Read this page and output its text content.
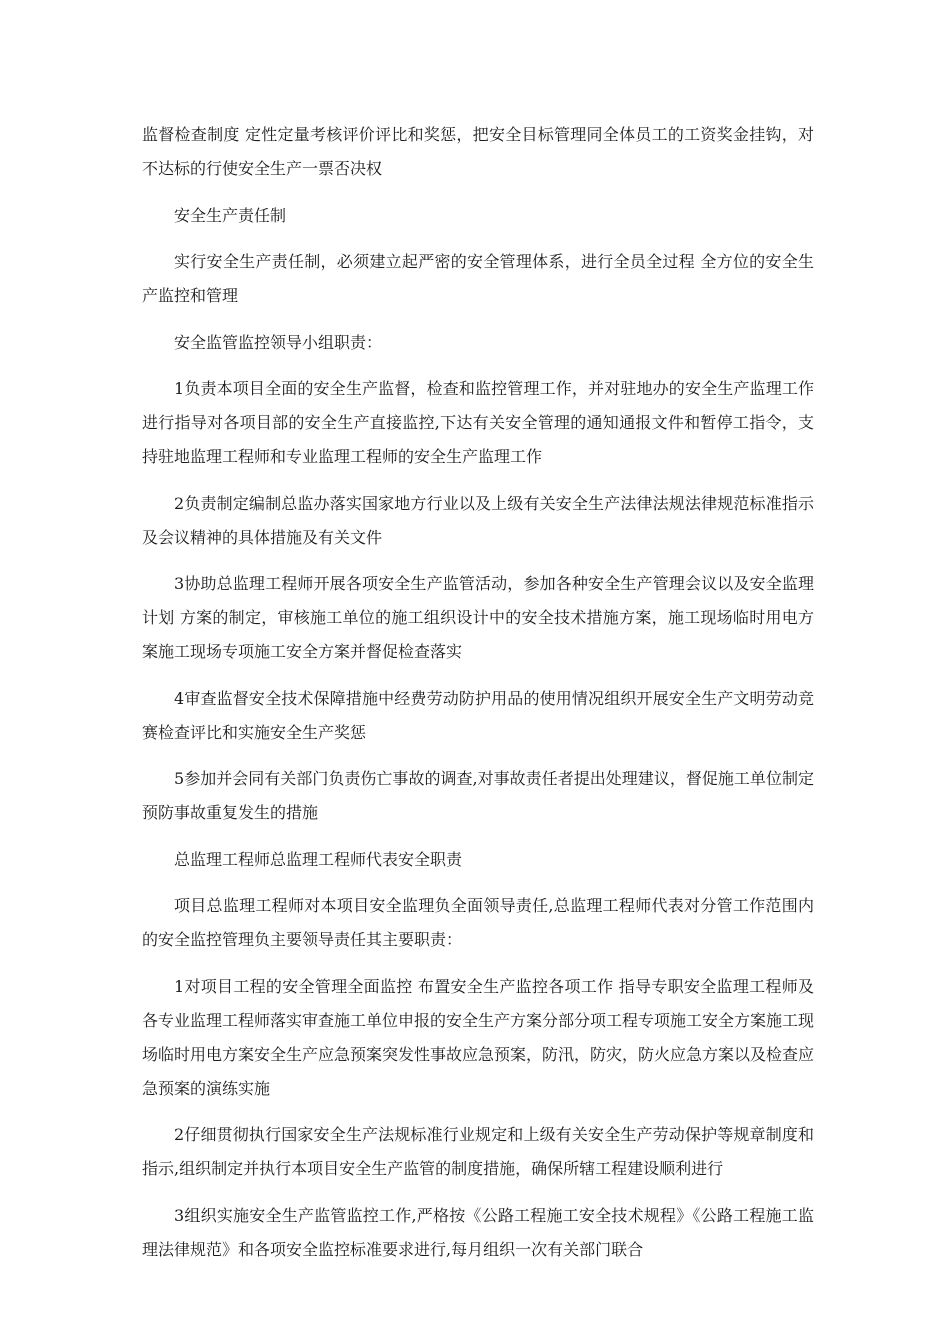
监督检查制度 定性定量考核评价评比和奖惩，把安全目标管理同全体员工的工资奖金挂钩，对不达标的行使安全生产一票否决权

安全生产责任制

实行安全生产责任制，必须建立起严密的安全管理体系，进行全员全过程 全方位的安全生产监控和管理

安全监管监控领导小组职责：

1负责本项目全面的安全生产监督，检查和监控管理工作，并对驻地办的安全生产监理工作进行指导对各项目部的安全生产直接监控,下达有关安全管理的通知通报文件和暂停工指令，支持驻地监理工程师和专业监理工程师的安全生产监理工作

2负责制定编制总监办落实国家地方行业以及上级有关安全生产法律法规法律规范标准指示及会议精神的具体措施及有关文件

3协助总监理工程师开展各项安全生产监管活动，参加各种安全生产管理会议以及安全监理计划 方案的制定，审核施工单位的施工组织设计中的安全技术措施方案，施工现场临时用电方案施工现场专项施工安全方案并督促检查落实

4审查监督安全技术保障措施中经费劳动防护用品的使用情况组织开展安全生产文明劳动竞赛检查评比和实施安全生产奖惩

5参加并会同有关部门负责伤亡事故的调查,对事故责任者提出处理建议，督促施工单位制定预防事故重复发生的措施

总监理工程师总监理工程师代表安全职责

项目总监理工程师对本项目安全监理负全面领导责任,总监理工程师代表对分管工作范围内的安全监控管理负主要领导责任其主要职责：

1对项目工程的安全管理全面监控 布置安全生产监控各项工作 指导专职安全监理工程师及各专业监理工程师落实审查施工单位申报的安全生产方案分部分项工程专项施工安全方案施工现场临时用电方案安全生产应急预案突发性事故应急预案，防汛，防灾，防火应急方案以及检查应急预案的演练实施

2仔细贯彻执行国家安全生产法规标准行业规定和上级有关安全生产劳动保护等规章制度和指示,组织制定并执行本项目安全生产监管的制度措施，确保所辖工程建设顺利进行

3组织实施安全生产监管监控工作,严格按《公路工程施工安全技术规程》《公路工程施工监理法律规范》和各项安全监控标准要求进行,每月组织一次有关部门联合
